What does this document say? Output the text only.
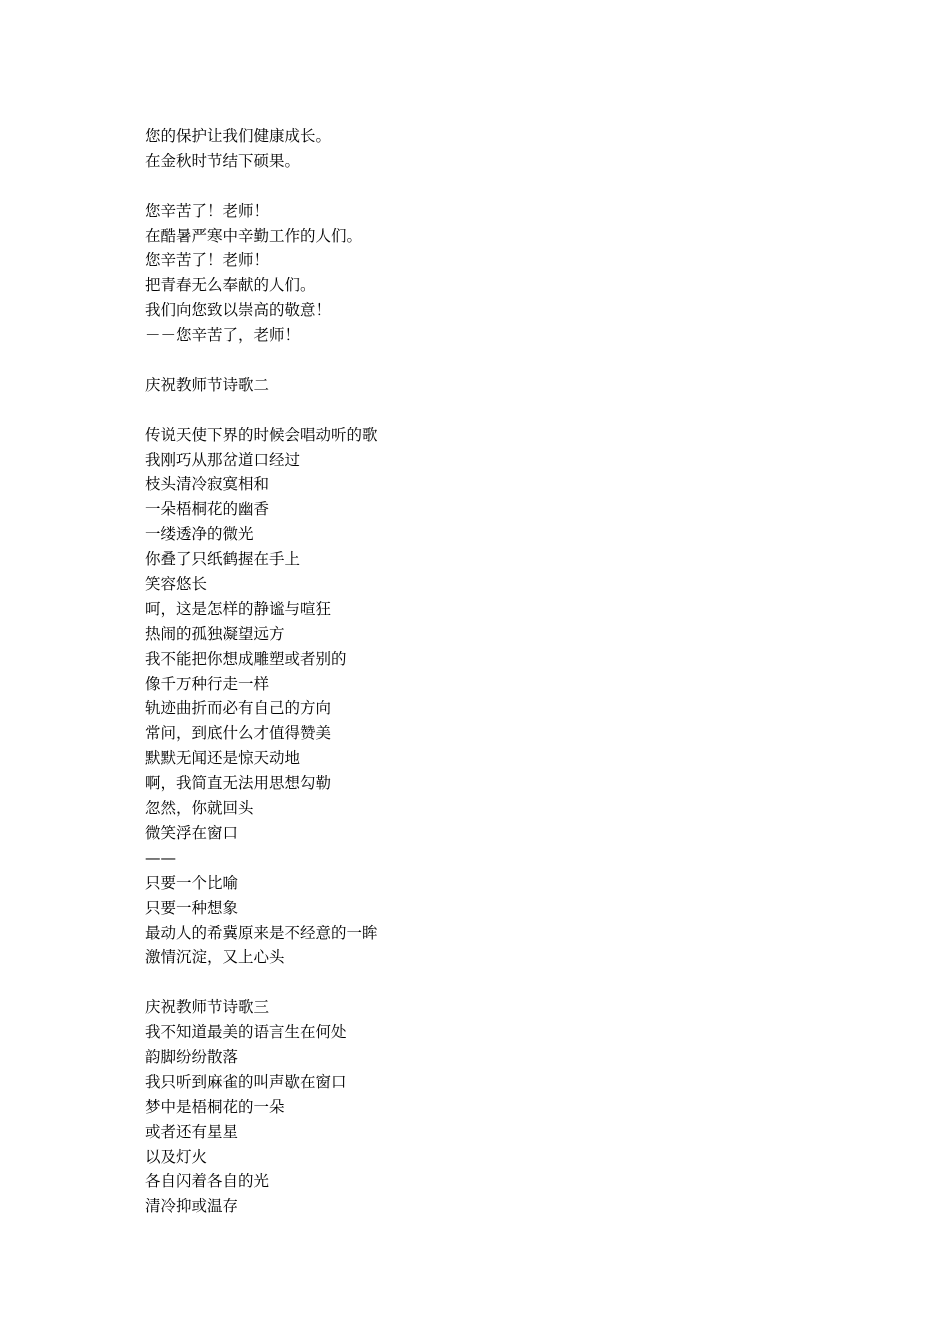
您的保护让我们健康成长。
在金秋时节结下硕果。
您辛苦了！老师！
在酷暑严寒中辛勤工作的人们。
您辛苦了！老师！
把青春无么奉献的人们。
我们向您致以崇高的敬意！
－－您辛苦了，老师！
庆祝教师节诗歌二
传说天使下界的时候会唱动听的歌
我刚巧从那岔道口经过
枝头清冷寂寞相和
一朵梧桐花的幽香
一缕透净的微光
你叠了只纸鹤握在手上
笑容悠长
呵，这是怎样的静谧与喧狂
热闹的孤独凝望远方
我不能把你想成雕塑或者别的
像千万种行走一样
轨迹曲折而必有自己的方向
常问，到底什么才值得赞美
默默无闻还是惊天动地
啊，我简直无法用思想勾勒
忽然，你就回头
微笑浮在窗口
——
只要一个比喻
只要一种想象
最动人的希冀原来是不经意的一眸
激情沉淀，又上心头
庆祝教师节诗歌三
我不知道最美的语言生在何处
韵脚纷纷散落
我只听到麻雀的叫声歇在窗口
梦中是梧桐花的一朵
或者还有星星
以及灯火
各自闪着各自的光
清冷抑或温存
